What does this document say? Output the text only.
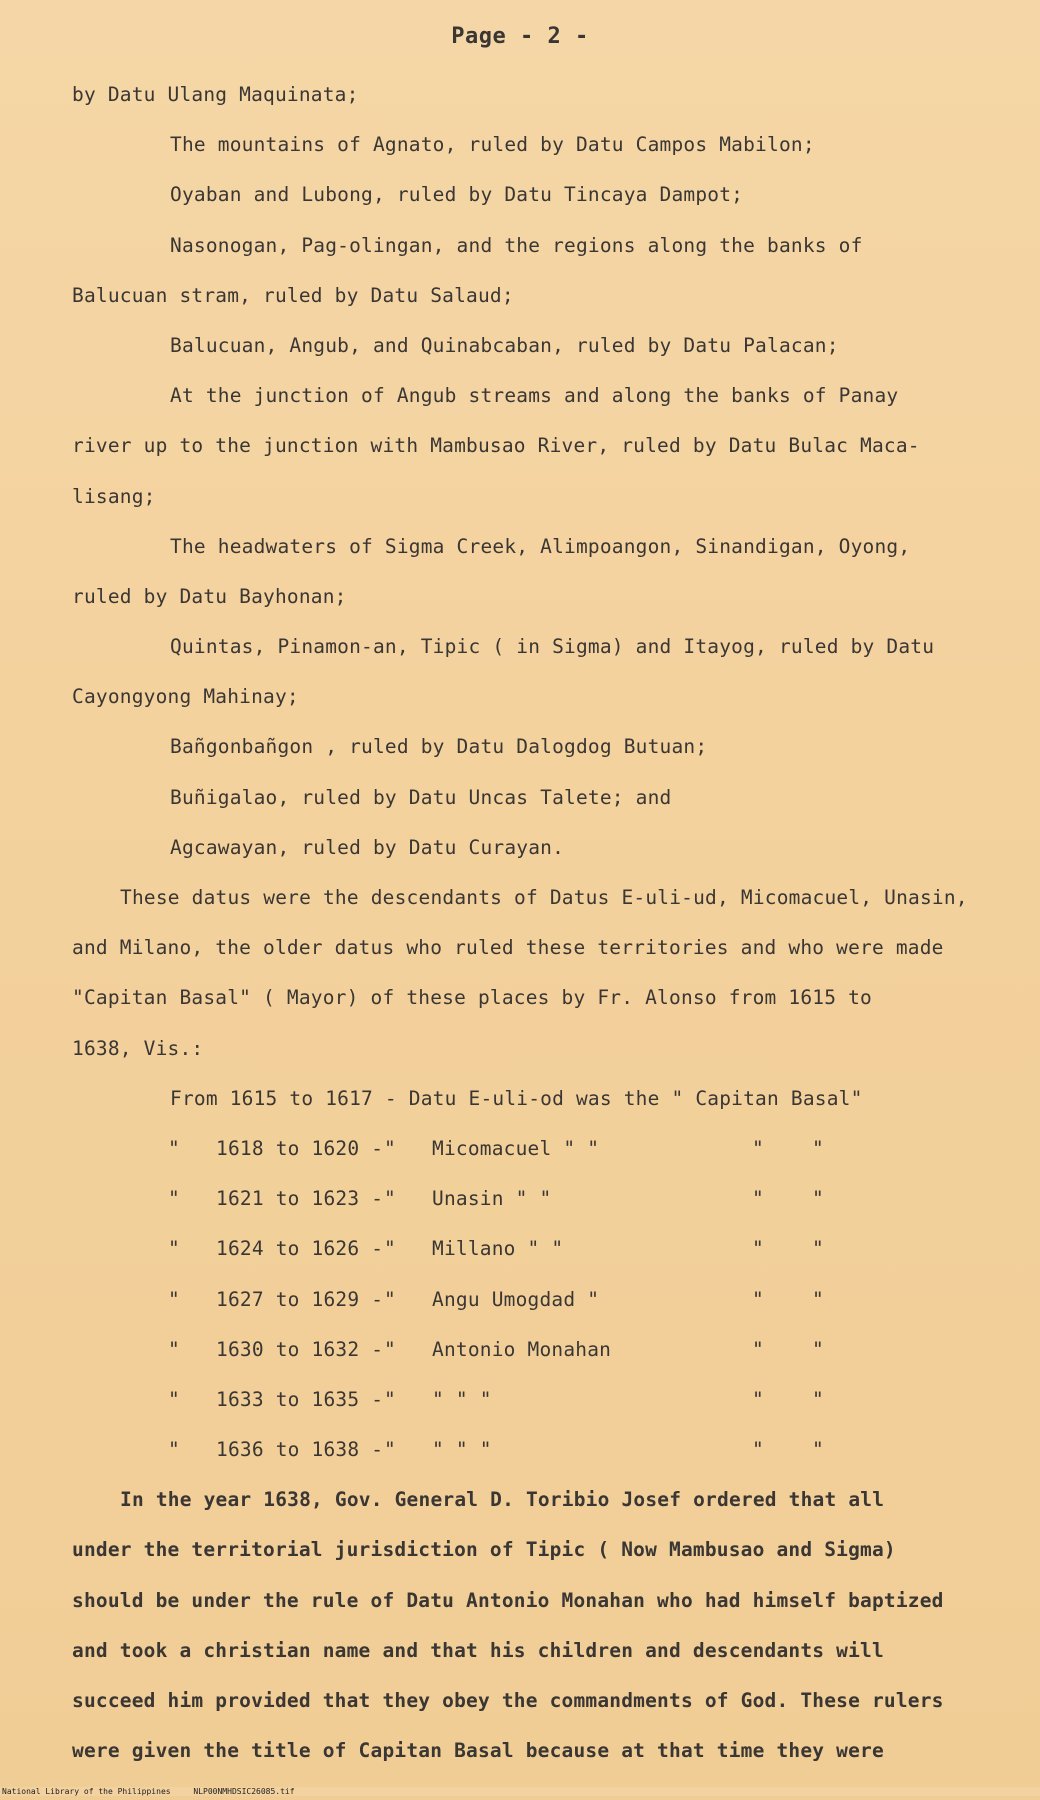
Page - 2 -
by Datu Ulang Maquinata;
The mountains of Agnato, ruled by Datu Campos Mabilon;
Oyaban and Lubong, ruled by Datu Tincaya Dampot;
Nasonogan, Pag-olingan, and the regions along the banks of
Balucuan stram, ruled by Datu Salaud;
Balucuan, Angub, and Quinabcaban, ruled by Datu Palacan;
At the junction of Angub streams and along the banks of Panay
river up to the junction with Mambusao River, ruled by Datu Bulac Maca-
lisang;
The headwaters of Sigma Creek, Alimpoangon, Sinandigan, Oyong,
ruled by Datu Bayhonan;
Quintas, Pinamon-an, Tipic ( in Sigma) and Itayog, ruled by Datu
Cayongyong Mahinay;
Bañgonbañgon , ruled by Datu Dalogdog Butuan;
Buñigalao, ruled by Datu Uncas Talete; and
Agcawayan, ruled by Datu Curayan.
These datus were the descendants of Datus E-uli-ud, Micomacuel, Unasin,
and Milano, the older datus who ruled these territories and who were made
"Capitan Basal" ( Mayor) of these places by Fr. Alonso from 1615 to
1638, Vis.:
From 1615 to 1617 - Datu E-uli-od was the " Capitan Basal"
"	1618 to 1620 - "	Micomacuel " "	"	"
"	1621 to 1623 - "	Unasin " "	"	"
"	1624 to 1626 - "	Millano " "	"	"
"	1627 to 1629 - "	Angu Umogdad "	"	"
"	1630 to 1632 - "	Antonio Monahan	"	"
"	1633 to 1635 - "	" " "	"	"
"	1636 to 1638 - "	" " "	"	"
In the year 1638, Gov. General D. Toribio Josef ordered that all
under the territorial jurisdiction of Tipic ( Now Mambusao and Sigma)
should be under the rule of Datu Antonio Monahan who had himself baptized
and took a christian name and that his children and descendants will
succeed him provided that they obey the commandments of God. These rulers
were given the title of Capitan Basal because at that time they were
National Library of the Philippines	NLP00NMHDSIC26085.tif
